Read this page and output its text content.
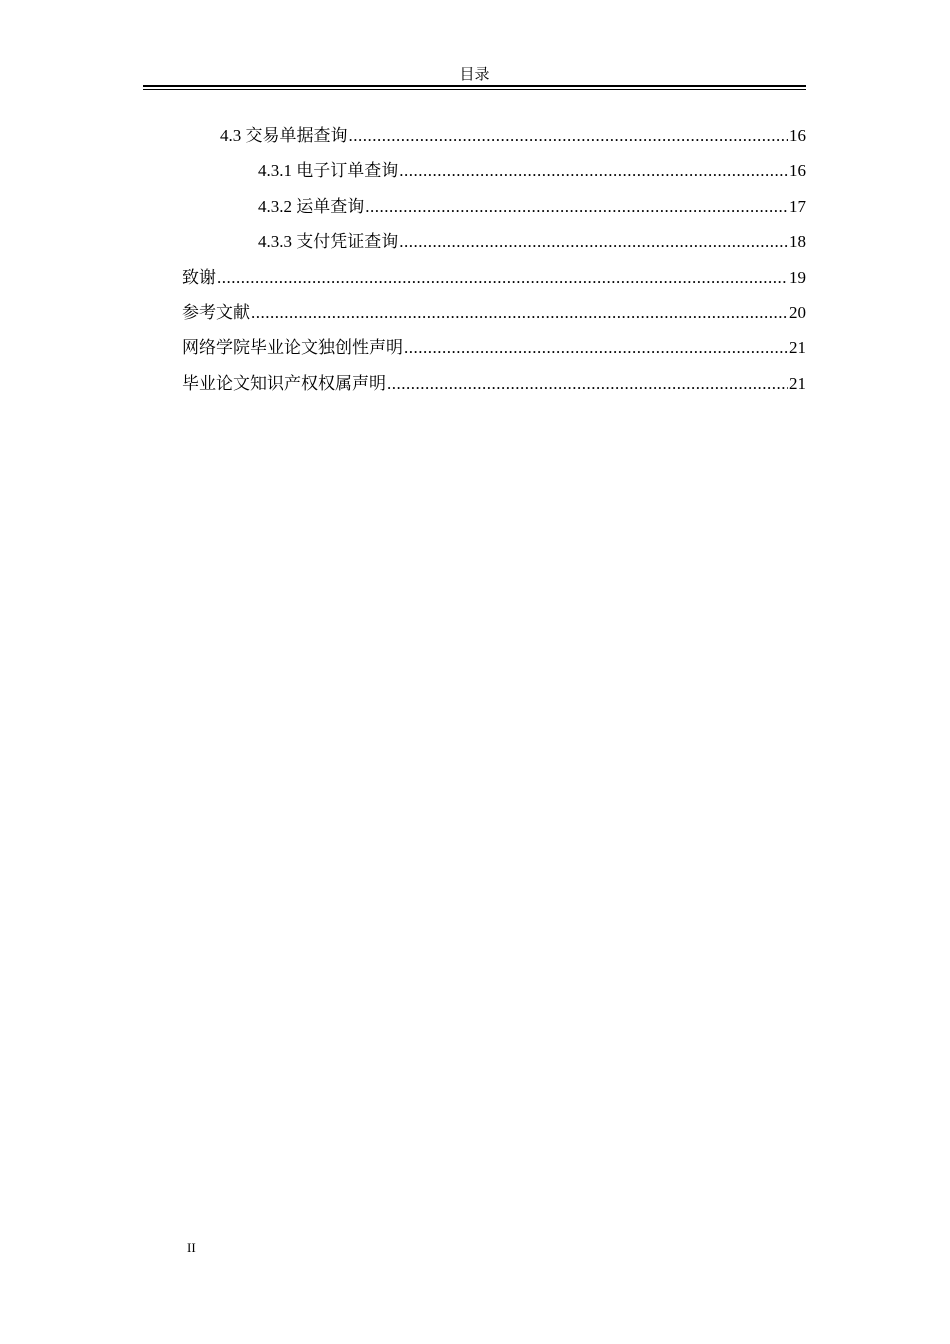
目录
4.3 交易单据查询 .....	16
4.3.1 电子订单查询 .....	16
4.3.2 运单查询 .....	17
4.3.3 支付凭证查询 .....	18
致谢 .....	19
参考文献 .....	20
网络学院毕业论文独创性声明 .....	21
毕业论文知识产权权属声明 .....	21
II
